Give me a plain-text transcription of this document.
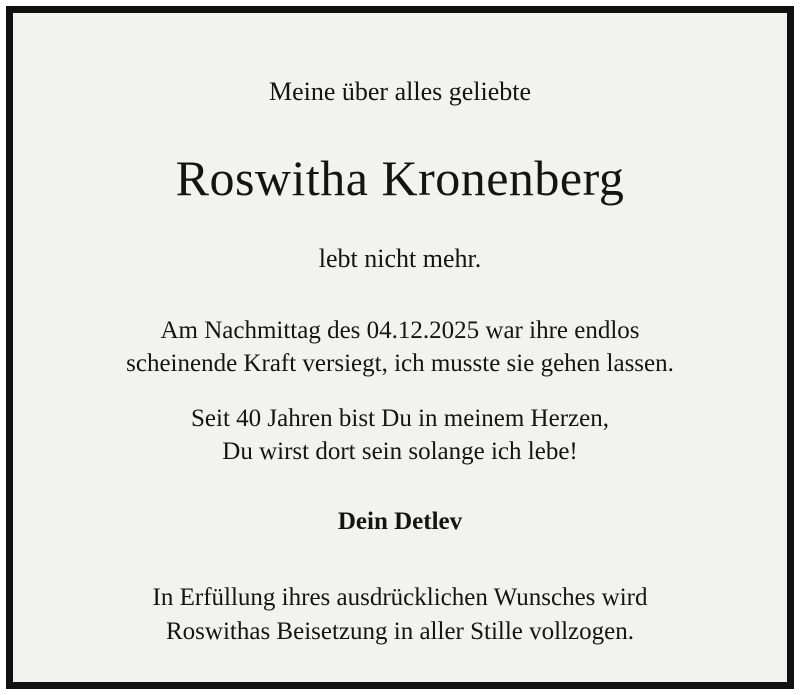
Meine über alles geliebte
Roswitha Kronenberg
lebt nicht mehr.
Am Nachmittag des 04.12.2025 war ihre endlos
scheinende Kraft versiegt, ich musste sie gehen lassen.
Seit 40 Jahren bist Du in meinem Herzen,
Du wirst dort sein solange ich lebe!
Dein Detlev
In Erfüllung ihres ausdrücklichen Wunsches wird
Roswithas Beisetzung in aller Stille vollzogen.
